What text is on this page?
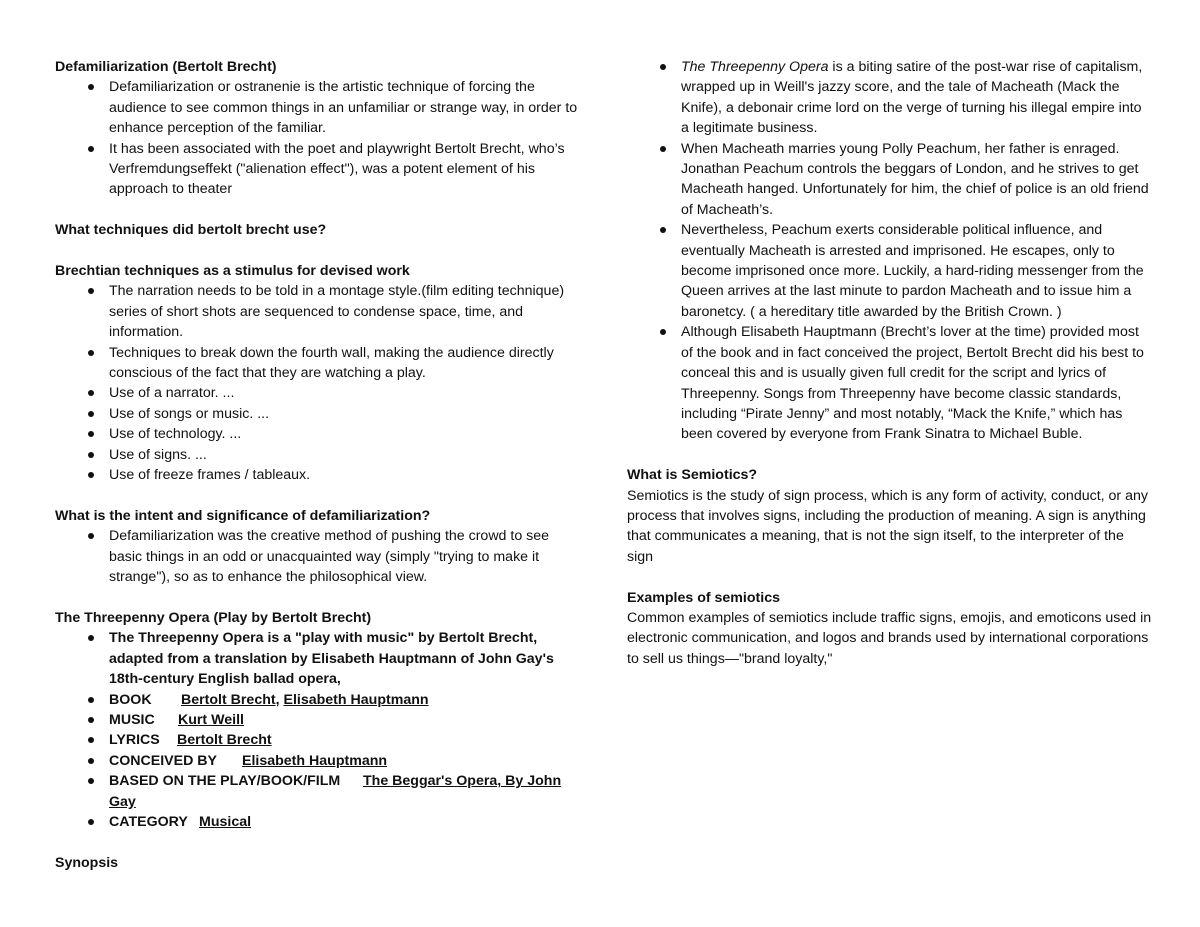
Defamiliarization (Bertolt Brecht)
Defamiliarization or ostranenie is the artistic technique of forcing the audience to see common things in an unfamiliar or strange way, in order to enhance perception of the familiar.
It has been associated with the poet and playwright Bertolt Brecht, who’s Verfremdungseffekt ("alienation effect"), was a potent element of his approach to theater
What techniques did bertolt brecht use?
Brechtian techniques as a stimulus for devised work
The narration needs to be told in a montage style.(film editing technique) series of short shots are sequenced to condense space, time, and information.
Techniques to break down the fourth wall, making the audience directly conscious of the fact that they are watching a play.
Use of a narrator. ...
Use of songs or music. ...
Use of technology. ...
Use of signs. ...
Use of freeze frames / tableaux.
What is the intent and significance of defamiliarization?
Defamiliarization was the creative method of pushing the crowd to see basic things in an odd or unacquainted way (simply "trying to make it strange"), so as to enhance the philosophical view.
The Threepenny Opera (Play by Bertolt Brecht)
The Threepenny Opera is a "play with music" by Bertolt Brecht, adapted from a translation by Elisabeth Hauptmann of John Gay's 18th-century English ballad opera,
BOOK Bertolt Brecht, Elisabeth Hauptmann
MUSIC Kurt Weill
LYRICS Bertolt Brecht
CONCEIVED BY Elisabeth Hauptmann
BASED ON THE PLAY/BOOK/FILM The Beggar's Opera, By John Gay
CATEGORY Musical
Synopsis
The Threepenny Opera is a biting satire of the post-war rise of capitalism, wrapped up in Weill's jazzy score, and the tale of Macheath (Mack the Knife), a debonair crime lord on the verge of turning his illegal empire into a legitimate business.
When Macheath marries young Polly Peachum, her father is enraged. Jonathan Peachum controls the beggars of London, and he strives to get Macheath hanged. Unfortunately for him, the chief of police is an old friend of Macheath’s.
Nevertheless, Peachum exerts considerable political influence, and eventually Macheath is arrested and imprisoned. He escapes, only to become imprisoned once more. Luckily, a hard-riding messenger from the Queen arrives at the last minute to pardon Macheath and to issue him a baronetcy. ( a hereditary title awarded by the British Crown. )
Although Elisabeth Hauptmann (Brecht’s lover at the time) provided most of the book and in fact conceived the project, Bertolt Brecht did his best to conceal this and is usually given full credit for the script and lyrics of Threepenny. Songs from Threepenny have become classic standards, including “Pirate Jenny” and most notably, “Mack the Knife,” which has been covered by everyone from Frank Sinatra to Michael Buble.
What is Semiotics?
Semiotics is the study of sign process, which is any form of activity, conduct, or any process that involves signs, including the production of meaning. A sign is anything that communicates a meaning, that is not the sign itself, to the interpreter of the sign
Examples of semiotics
Common examples of semiotics include traffic signs, emojis, and emoticons used in electronic communication, and logos and brands used by international corporations to sell us things—"brand loyalty,"
